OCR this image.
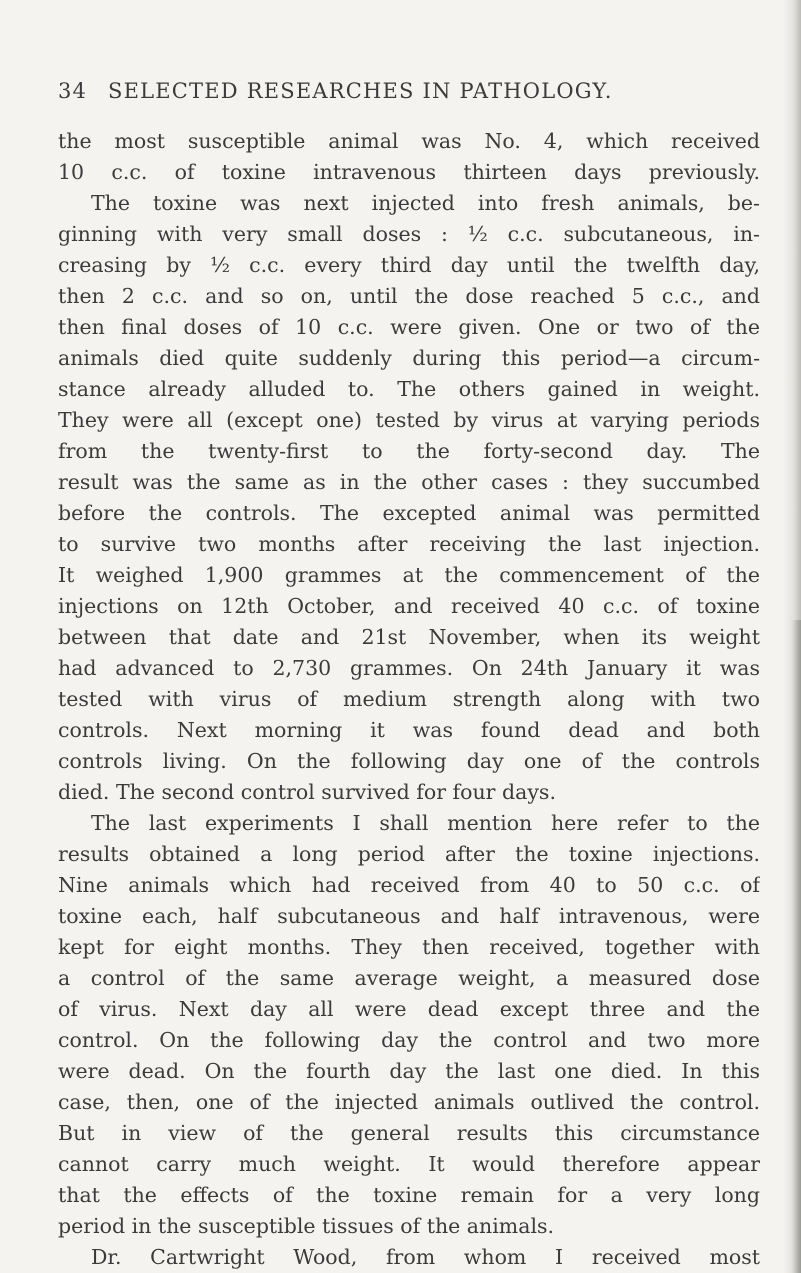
34 SELECTED RESEARCHES IN PATHOLOGY.
the most susceptible animal was No. 4, which received
10 c.c. of toxine intravenous thirteen days previously.
The toxine was next injected into fresh animals, be-
ginning with very small doses : ½ c.c. subcutaneous, in-
creasing by ½ c.c. every third day until the twelfth day,
then 2 c.c. and so on, until the dose reached 5 c.c., and
then final doses of 10 c.c. were given. One or two of the
animals died quite suddenly during this period—a circum-
stance already alluded to. The others gained in weight.
They were all (except one) tested by virus at varying periods
from the twenty-first to the forty-second day. The
result was the same as in the other cases : they succumbed
before the controls. The excepted animal was permitted
to survive two months after receiving the last injection.
It weighed 1,900 grammes at the commencement of the
injections on 12th October, and received 40 c.c. of toxine
between that date and 21st November, when its weight
had advanced to 2,730 grammes. On 24th January it was
tested with virus of medium strength along with two
controls. Next morning it was found dead and both
controls living. On the following day one of the controls
died. The second control survived for four days.
The last experiments I shall mention here refer to the
results obtained a long period after the toxine injections.
Nine animals which had received from 40 to 50 c.c. of
toxine each, half subcutaneous and half intravenous, were
kept for eight months. They then received, together with
a control of the same average weight, a measured dose
of virus. Next day all were dead except three and the
control. On the following day the control and two more
were dead. On the fourth day the last one died. In this
case, then, one of the injected animals outlived the control.
But in view of the general results this circumstance
cannot carry much weight. It would therefore appear
that the effects of the toxine remain for a very long
period in the susceptible tissues of the animals.
Dr. Cartwright Wood, from whom I received most
